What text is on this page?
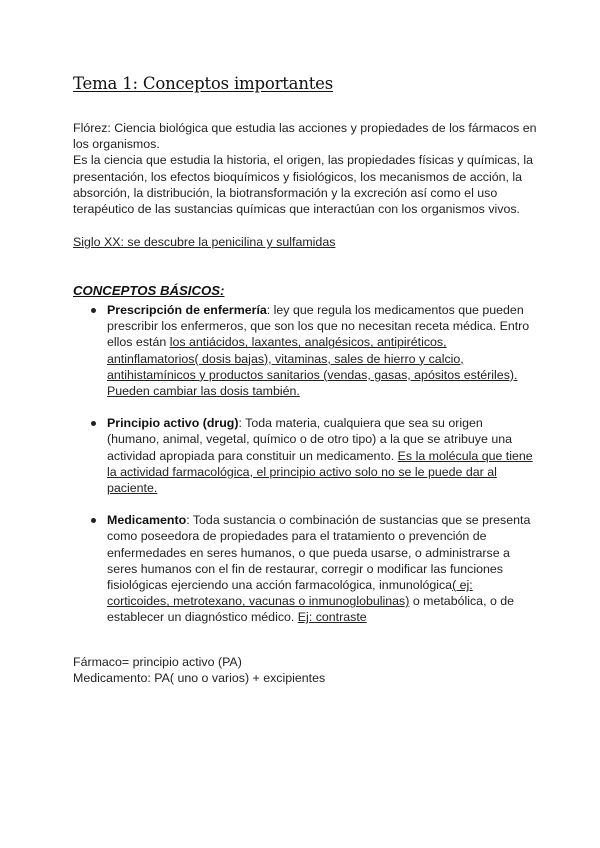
Tema 1: Conceptos importantes
Flórez: Ciencia biológica que estudia las acciones y propiedades de los fármacos en los organismos.
Es la ciencia que estudia la historia, el origen, las propiedades físicas y químicas, la presentación, los efectos bioquímicos y fisiológicos, los mecanismos de acción, la absorción, la distribución, la biotransformación y la excreción así como el uso terapéutico de las sustancias químicas que interactúan con los organismos vivos.

Siglo XX: se descubre la penicilina y sulfamidas

CONCEPTOS BÁSICOS:
Prescripción de enfermería: ley que regula los medicamentos que pueden prescribir los enfermeros, que son los que no necesitan receta médica. Entro ellos están los antiácidos, laxantes, analgésicos, antipiréticos, antinflamatorios( dosis bajas), vitaminas, sales de hierro y calcio, antihistamínicos y productos sanitarios (vendas, gasas, apósitos estériles). Pueden cambiar las dosis también.
Principio activo (drug): Toda materia, cualquiera que sea su origen (humano, animal, vegetal, químico o de otro tipo) a la que se atribuye una actividad apropiada para constituir un medicamento. Es la molécula que tiene la actividad farmacológica, el principio activo solo no se le puede dar al paciente.
Medicamento: Toda sustancia o combinación de sustancias que se presenta como poseedora de propiedades para el tratamiento o prevención de enfermedades en seres humanos, o que pueda usarse, o administrarse a seres humanos con el fin de restaurar, corregir o modificar las funciones fisiológicas ejerciendo una acción farmacológica, inmunológica( ej: corticoides, metrotexano, vacunas o inmunoglobulinas) o metabólica, o de establecer un diagnóstico médico. Ej: contraste
Fármaco= principio activo (PA)
Medicamento: PA( uno o varios) + excipientes
